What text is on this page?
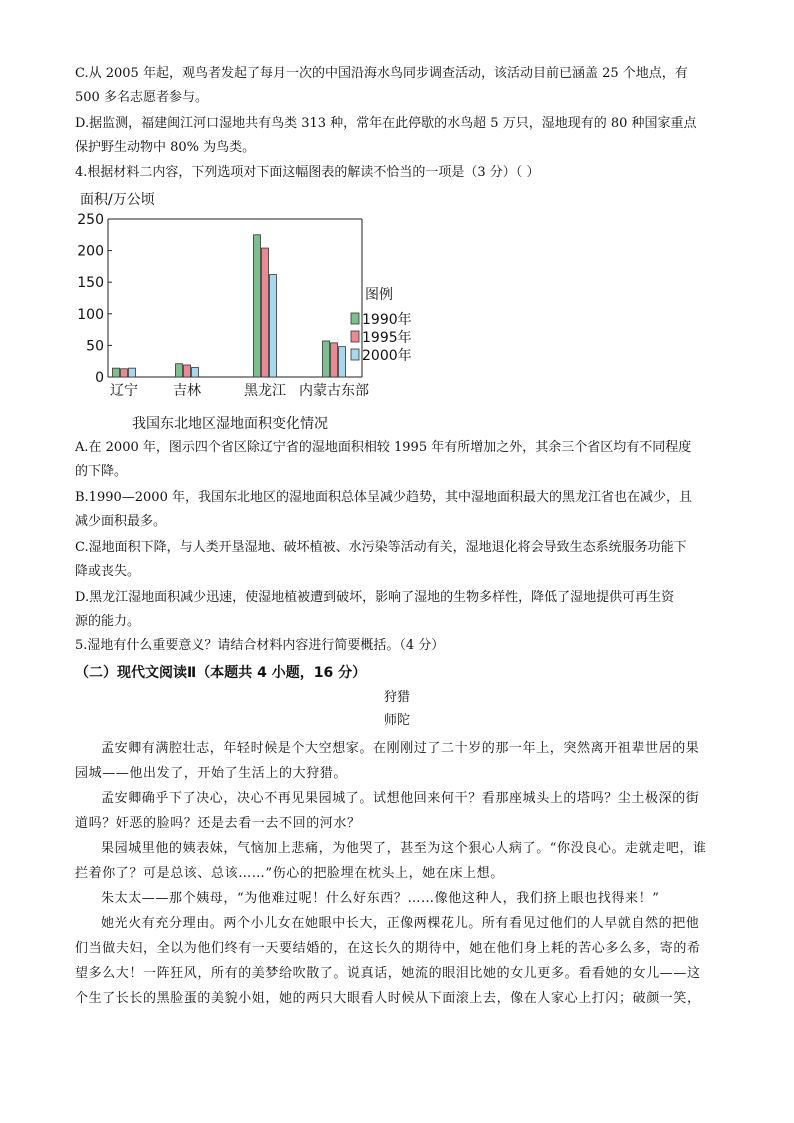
C.从 2005 年起，观鸟者发起了每月一次的中国沿海水鸟同步调查活动，该活动目前已涵盖 25 个地点，有
500 多名志愿者参与。
D.据监测，福建闽江河口湿地共有鸟类 313 种，常年在此停歇的水鸟超 5 万只，湿地现有的 80 种国家重点
保护野生动物中 80% 为鸟类。
4.根据材料二内容，下列选项对下面这幅图表的解读不恰当的一项是（3 分）（ ）
面积/万公顷
0
50
100
150
200
250
辽宁	吉林	黑龙江 内蒙古东部
图例
1990年
1995年
2000年
我国东北地区湿地面积变化情况
A.在 2000 年，图示四个省区除辽宁省的湿地面积相较 1995 年有所增加之外，其余三个省区均有不同程度
的下降。
B.1990—2000 年，我国东北地区的湿地面积总体呈减少趋势，其中湿地面积最大的黑龙江省也在减少，且
减少面积最多。
C.湿地面积下降，与人类开垦湿地、破坏植被、水污染等活动有关，湿地退化将会导致生态系统服务功能下
降或丧失。
D.黑龙江湿地面积减少迅速，使湿地植被遭到破坏，影响了湿地的生物多样性，降低了湿地提供可再生资
源的能力。
5.湿地有什么重要意义？请结合材料内容进行简要概括。（4 分）
（二）现代文阅读Ⅱ（本题共 4 小题，16 分）
狩猎
师陀
孟安卿有满腔壮志，年轻时候是个大空想家。在刚刚过了二十岁的那一年上，突然离开祖辈世居的果
园城——他出发了，开始了生活上的大狩猎。
孟安卿确乎下了决心，决心不再见果园城了。试想他回来何干？看那座城头上的塔吗？尘土极深的街
道吗？奸恶的脸吗？还是去看一去不回的河水？
果园城里他的姨表妹，气恼加上悲痛，为他哭了，甚至为这个狠心人病了。“你没良心。走就走吧，谁
拦着你了？可是总该、总该……”伤心的把脸埋在枕头上，她在床上想。
朱太太——那个姨母，“为他难过呢！什么好东西？……像他这种人，我们挤上眼也找得来！”
她光火有充分理由。两个小儿女在她眼中长大，正像两棵花儿。所有看见过他们的人早就自然的把他
们当做夫妇，全以为他们终有一天要结婚的，在这长久的期待中，她在他们身上耗的苦心多么多，寄的希
望多么大！一阵狂风，所有的美梦给吹散了。说真话，她流的眼泪比她的女儿更多。看看她的女儿——这
个生了长长的黑脸蛋的美貌小姐，她的两只大眼看人时候从下面滚上去，像在人家心上打闪；破颜一笑，
